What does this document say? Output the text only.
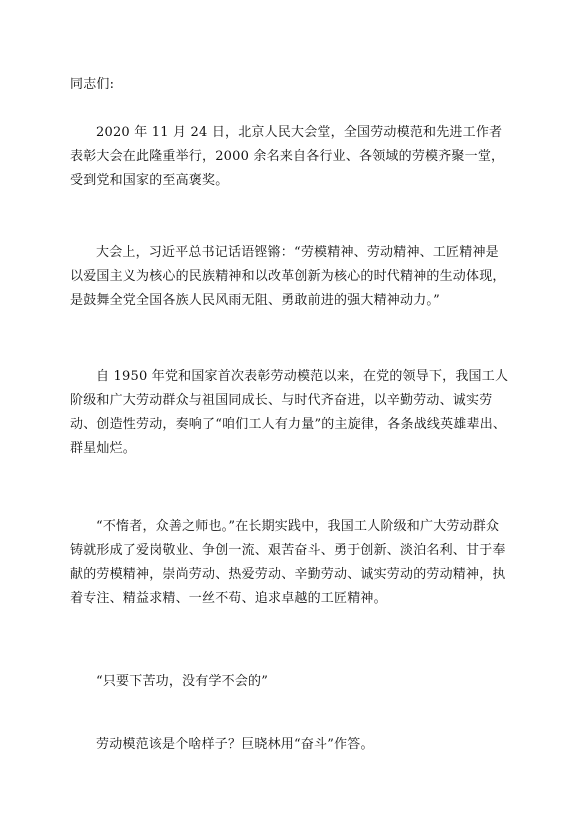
同志们:

2020 年 11 月 24 日，北京人民大会堂，全国劳动模范和先进工作者表彰大会在此隆重举行，2000 余名来自各行业、各领域的劳模齐聚一堂，受到党和国家的至高褒奖。

大会上，习近平总书记话语铿锵：“劳模精神、劳动精神、工匠精神是以爱国主义为核心的民族精神和以改革创新为核心的时代精神的生动体现，是鼓舞全党全国各族人民风雨无阻、勇敢前进的强大精神动力。”

自 1950 年党和国家首次表彰劳动模范以来，在党的领导下，我国工人阶级和广大劳动群众与祖国同成长、与时代齐奋进，以辛勤劳动、诚实劳动、创造性劳动，奏响了“咱们工人有力量”的主旋律，各条战线英雄辈出、群星灿烂。

“不惰者，众善之师也。”在长期实践中，我国工人阶级和广大劳动群众铸就形成了爱岗敬业、争创一流、艰苦奋斗、勇于创新、淡泊名利、甘于奉献的劳模精神，崇尚劳动、热爱劳动、辛勤劳动、诚实劳动的劳动精神，执着专注、精益求精、一丝不苟、追求卓越的工匠精神。

“只要下苦功，没有学不会的”

劳动模范该是个啥样子？巨晓林用“奋斗”作答。
